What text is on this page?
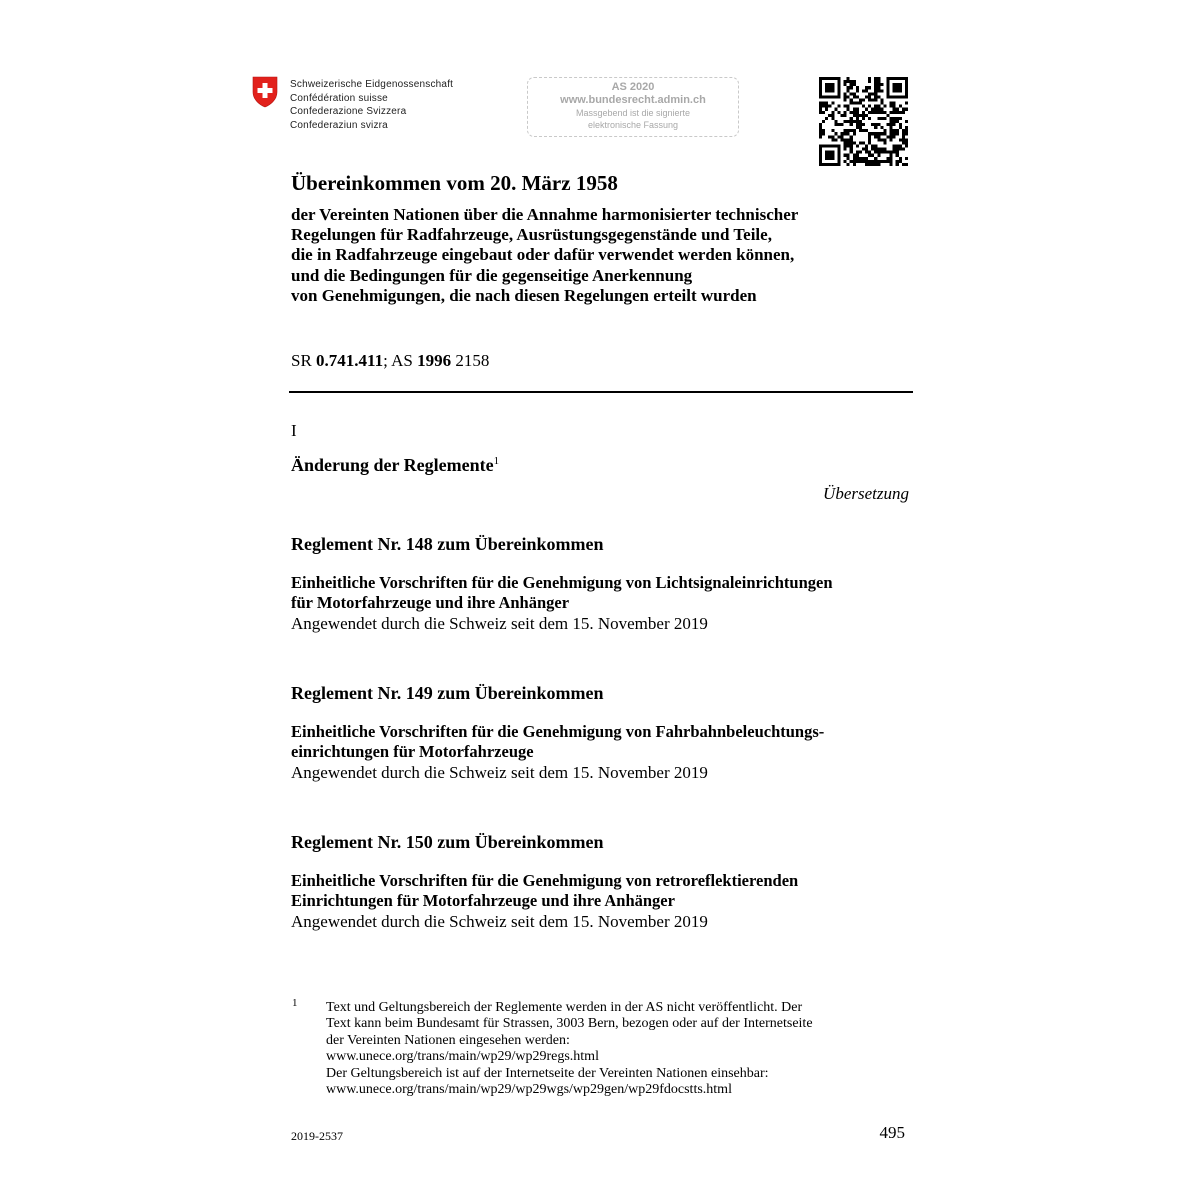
Schweizerische Eidgenossenschaft
Confédération suisse
Confederazione Svizzera
Confederaziun svizra
AS 2020
www.bundesrecht.admin.ch
Massgebend ist die signierte
elektronische Fassung
Übereinkommen vom 20. März 1958
der Vereinten Nationen über die Annahme harmonisierter technischer
Regelungen für Radfahrzeuge, Ausrüstungsgegenstände und Teile,
die in Radfahrzeuge eingebaut oder dafür verwendet werden können,
und die Bedingungen für die gegenseitige Anerkennung
von Genehmigungen, die nach diesen Regelungen erteilt wurden
SR 0.741.411; AS 1996 2158
I
Änderung der Reglemente$^1$
Übersetzung
Reglement Nr. 148 zum Übereinkommen
Einheitliche Vorschriften für die Genehmigung von Lichtsignaleinrichtungen
für Motorfahrzeuge und ihre Anhänger
Angewendet durch die Schweiz seit dem 15. November 2019
Reglement Nr. 149 zum Übereinkommen
Einheitliche Vorschriften für die Genehmigung von Fahrbahnbeleuchtungs-
einrichtungen für Motorfahrzeuge
Angewendet durch die Schweiz seit dem 15. November 2019
Reglement Nr. 150 zum Übereinkommen
Einheitliche Vorschriften für die Genehmigung von retroreflektierenden
Einrichtungen für Motorfahrzeuge und ihre Anhänger
Angewendet durch die Schweiz seit dem 15. November 2019
1 Text und Geltungsbereich der Reglemente werden in der AS nicht veröffentlicht. Der
Text kann beim Bundesamt für Strassen, 3003 Bern, bezogen oder auf der Internetseite
der Vereinten Nationen eingesehen werden:
www.unece.org/trans/main/wp29/wp29regs.html
Der Geltungsbereich ist auf der Internetseite der Vereinten Nationen einsehbar:
www.unece.org/trans/main/wp29/wp29wgs/wp29gen/wp29fdocstts.html
2019-2537	495
